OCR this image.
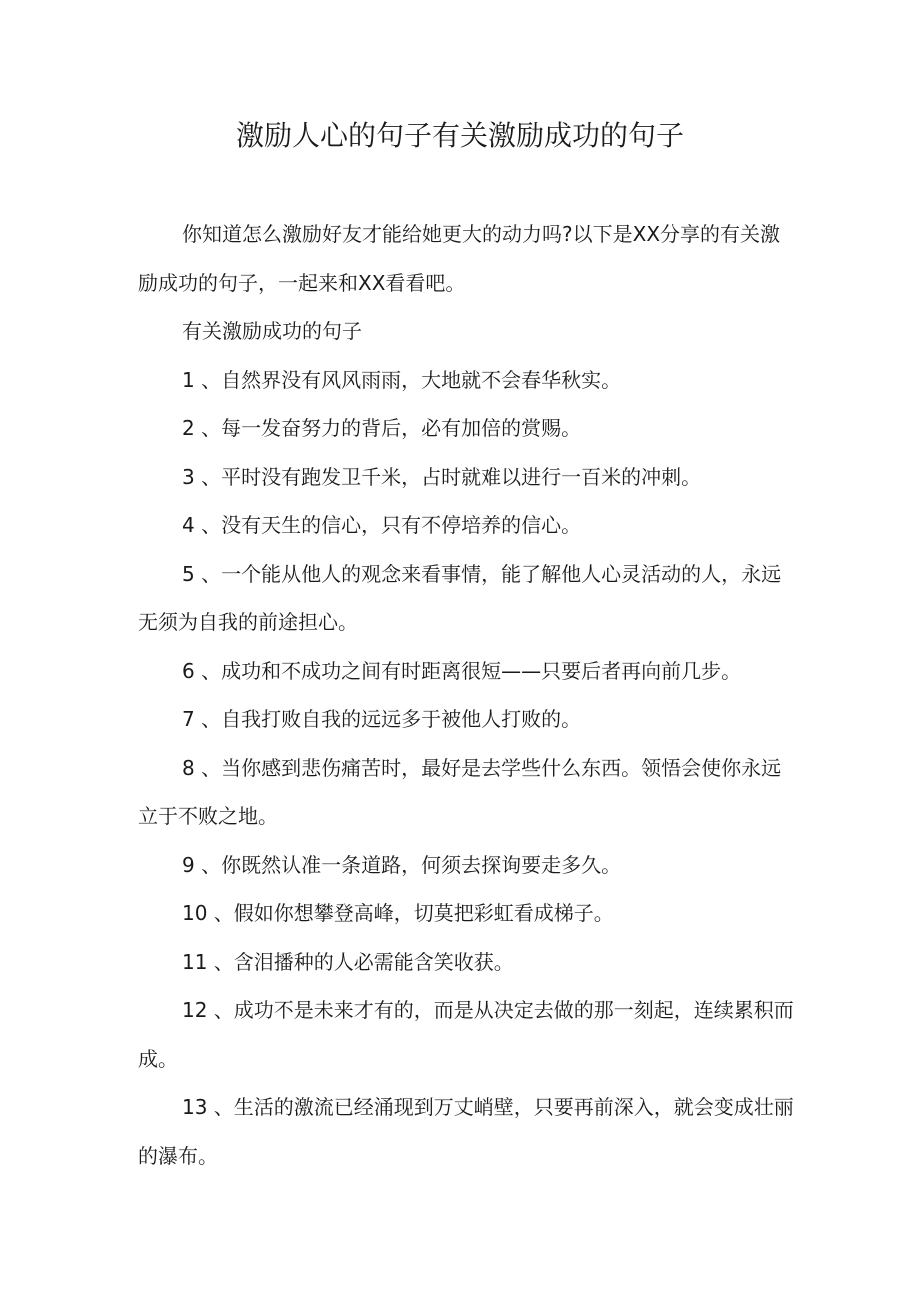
激励人心的句子有关激励成功的句子

你知道怎么激励好友才能给她更大的动力吗?以下是XX分享的有关激励成功的句子，一起来和XX看看吧。

有关激励成功的句子

1 、自然界没有风风雨雨，大地就不会春华秋实。

2 、每一发奋努力的背后，必有加倍的赏赐。

3 、平时没有跑发卫千米，占时就难以进行一百米的冲刺。

4 、没有天生的信心，只有不停培养的信心。

5 、一个能从他人的观念来看事情，能了解他人心灵活动的人，永远无须为自我的前途担心。

6 、成功和不成功之间有时距离很短——只要后者再向前几步。

7 、自我打败自我的远远多于被他人打败的。

8 、当你感到悲伤痛苦时，最好是去学些什么东西。领悟会使你永远立于不败之地。

9 、你既然认准一条道路，何须去探询要走多久。

10 、假如你想攀登高峰，切莫把彩虹看成梯子。

11 、含泪播种的人必需能含笑收获。

12 、成功不是未来才有的，而是从决定去做的那一刻起，连续累积而成。

13 、生活的激流已经涌现到万丈峭壁，只要再前深入，就会变成壮丽的瀑布。
